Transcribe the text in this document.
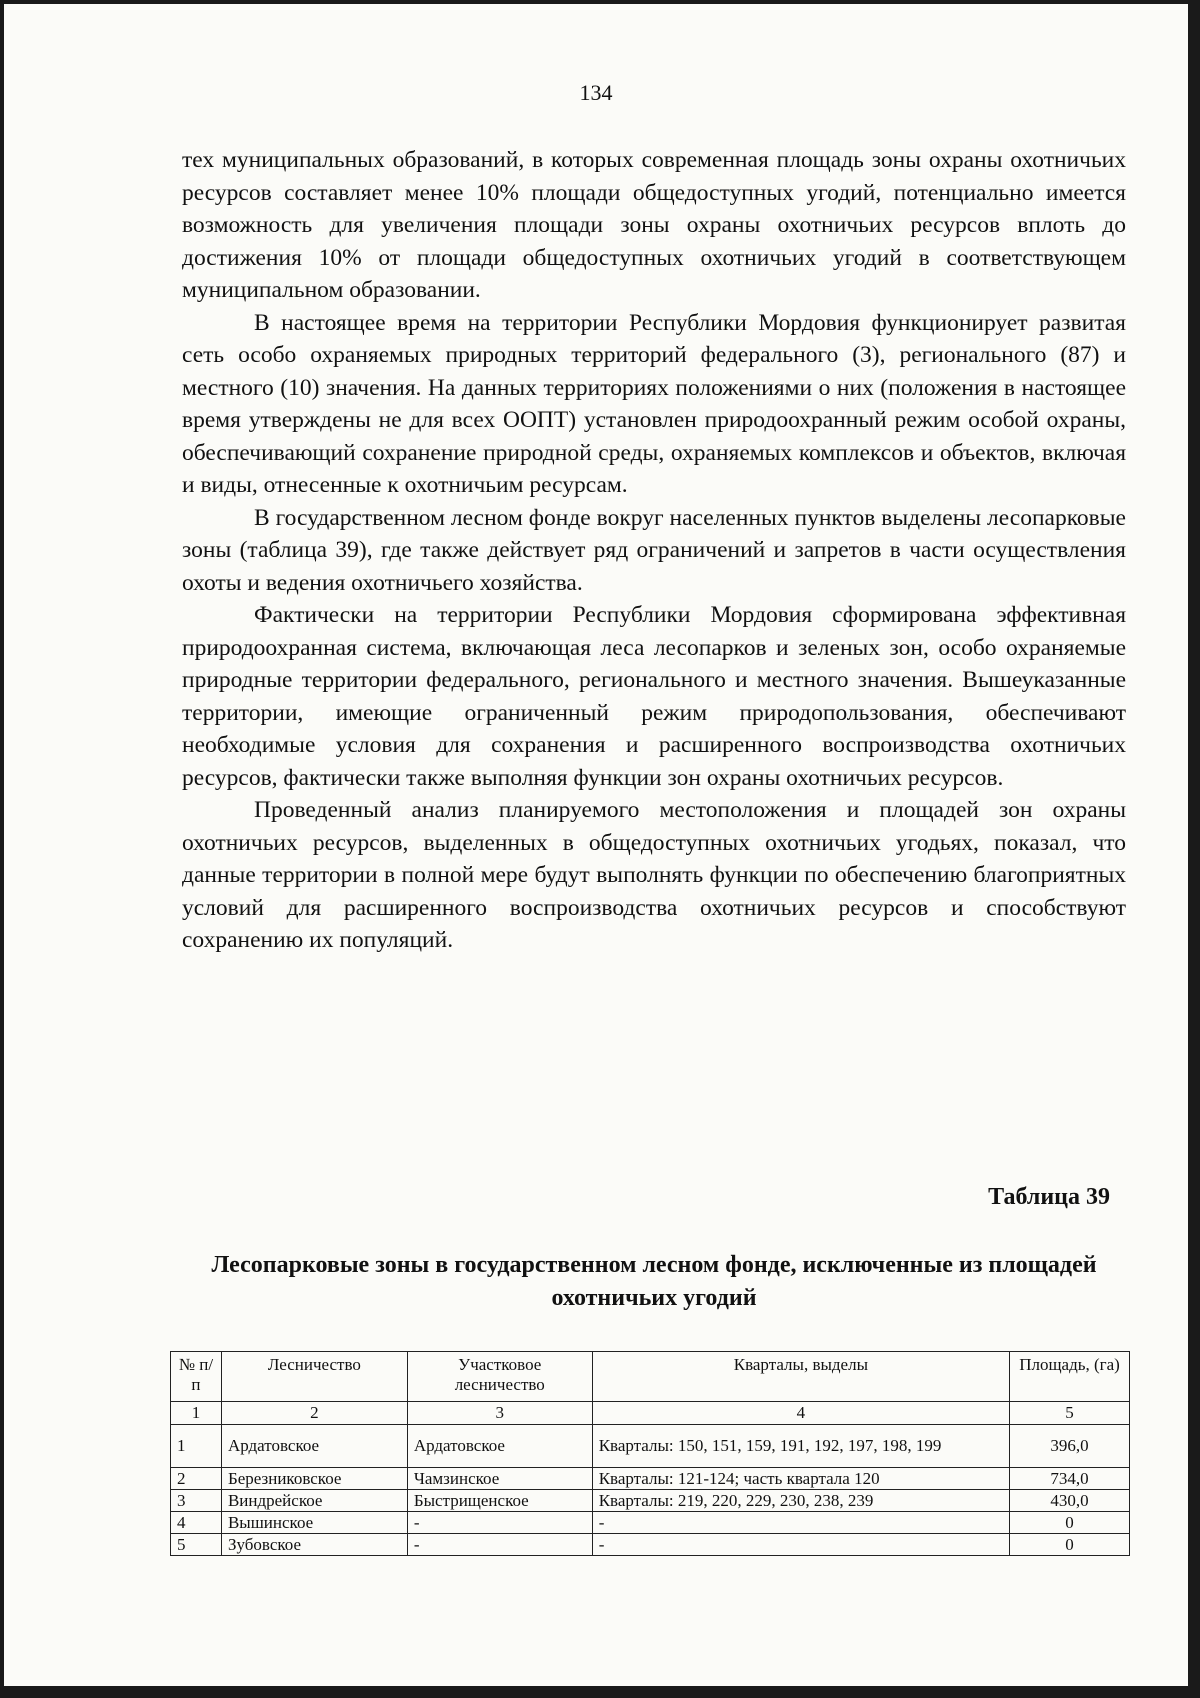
134

тех муниципальных образований, в которых современная площадь зоны охраны охотничьих ресурсов составляет менее 10% площади общедоступных угодий, потенциально имеется возможность для увеличения площади зоны охраны охотничьих ресурсов вплоть до достижения 10% от площади общедоступных охотничьих угодий в соответствующем муниципальном образовании.

В настоящее время на территории Республики Мордовия функционирует развитая сеть особо охраняемых природных территорий федерального (3), регионального (87) и местного (10) значения. На данных территориях положениями о них (положения в настоящее время утверждены не для всех ООПТ) установлен природоохранный режим особой охраны, обеспечивающий сохранение природной среды, охраняемых комплексов и объектов, включая и виды, отнесенные к охотничьим ресурсам.

В государственном лесном фонде вокруг населенных пунктов выделены лесопарковые зоны (таблица 39), где также действует ряд ограничений и запретов в части осуществления охоты и ведения охотничьего хозяйства.

Фактически на территории Республики Мордовия сформирована эффективная природоохранная система, включающая леса лесопарков и зеленых зон, особо охраняемые природные территории федерального, регионального и местного значения. Вышеуказанные территории, имеющие ограниченный режим природопользования, обеспечивают необходимые условия для сохранения и расширенного воспроизводства охотничьих ресурсов, фактически также выполняя функции зон охраны охотничьих ресурсов.

Проведенный анализ планируемого местоположения и площадей зон охраны охотничьих ресурсов, выделенных в общедоступных охотничьих угодьях, показал, что данные территории в полной мере будут выполнять функции по обеспечению благоприятных условий для расширенного воспроизводства охотничьих ресурсов и способствуют сохранению их популяций.

Таблица 39
Лесопарковые зоны в государственном лесном фонде, исключенные из площадей охотничьих угодий
№ п/п	Лесничество	Участковое лесничество	Кварталы, выделы	Площадь, (га)
1	2	3	4	5
1	Ардатовское	Ардатовское	Кварталы: 150, 151, 159, 191, 192, 197, 198, 199	396,0
2	Березниковское	Чамзинское	Кварталы: 121-124; часть квартала 120	734,0
3	Виндрейское	Быстрищенское	Кварталы: 219, 220, 229, 230, 238, 239	430,0
4	Вышинское	-	-	0
5	Зубовское	-	-	0
